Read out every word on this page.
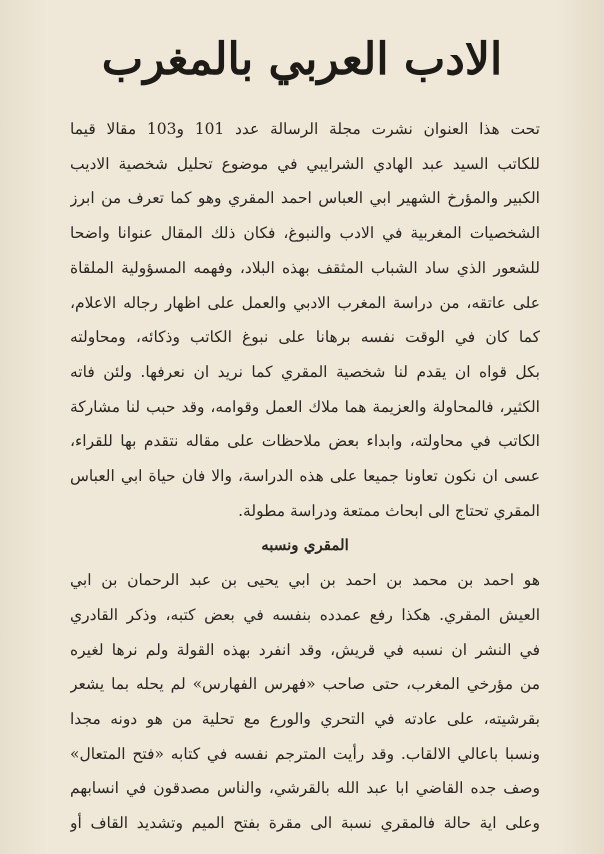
الادب العربي بالمغرب
تحت هذا العنوان نشرت مجلة الرسالة عدد 101 و103 مقالا قيما
للكاتب السيد عبد الهادي الشرايبي في موضوع تحليل شخصية الاديب
الكبير والمؤرخ الشهير ابي العباس احمد المقري وهو كما تعرف من ابرز
الشخصيات المغربية في الادب والنبوغ، فكان ذلك المقال عنوانا واضحا
للشعور الذي ساد الشباب المثقف بهذه البلاد، وفهمه المسؤولية الملقاة
على عاتقه، من دراسة المغرب الادبي والعمل على اظهار رجاله الاعلام،
كما كان في الوقت نفسه برهانا على نبوغ الكاتب وذكائه، ومحاولته
بكل قواه ان يقدم لنا شخصية المقري كما نريد ان نعرفها. ولئن فاته
الكثير، فالمحاولة والعزيمة هما ملاك العمل وقوامه، وقد حبب لنا مشاركة
الكاتب في محاولته، وابداء بعض ملاحظات على مقاله نتقدم بها للقراء،
عسى ان نكون تعاونا جميعا على هذه الدراسة، والا فان حياة ابي العباس
المقري تحتاج الى ابحاث ممتعة ودراسة مطولة.
المقري ونسبه
هو احمد بن محمد بن احمد بن ابي يحيى بن عبد الرحمان بن ابي
العيش المقري. هكذا رفع عمدده بنفسه في بعض كتبه، وذكر القادري
في النشر ان نسبه في قريش، وقد انفرد بهذه القولة ولم نرها لغيره
من مؤرخي المغرب، حتى صاحب «فهرس الفهارس» لم يحله بما يشعر
بقرشيته، على عادته في التحري والورع مع تحلية من هو دونه مجدا
ونسبا باعالي الالقاب. وقد رأيت المترجم نفسه في كتابه «فتح المتعال»
وصف جده القاضي ابا عبد الله بالقرشي، والناس مصدقون في انسابهم
وعلى اية حالة فالمقري نسبة الى مقرة بفتح الميم وتشديد القاف أو
